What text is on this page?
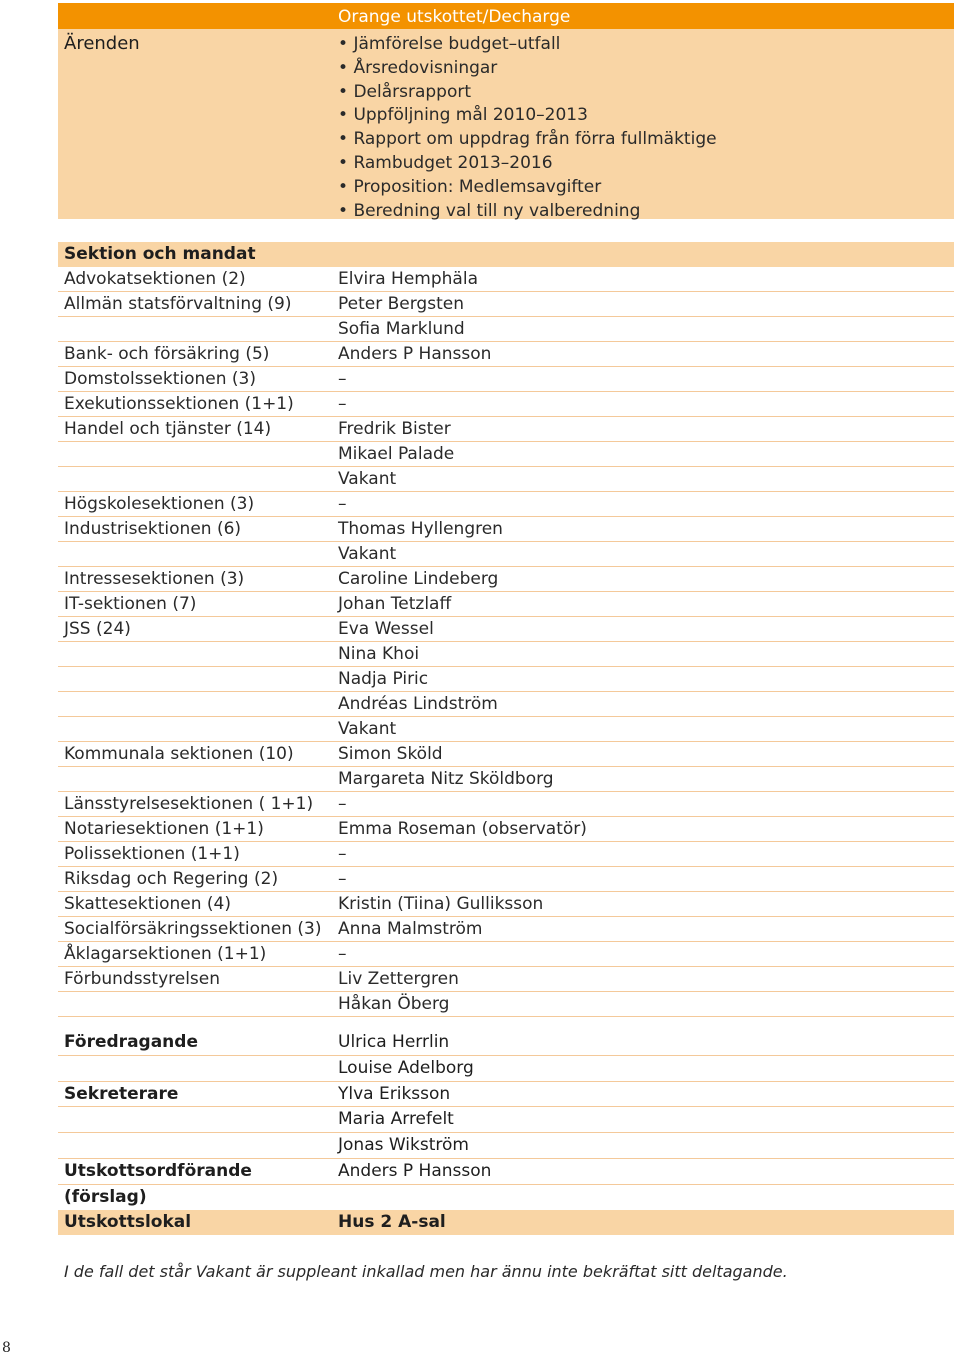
Orange utskottet/Decharge
Ärenden
•	Jämförelse budget–utfall
• Årsredovisningar
• Delårsrapport
• Uppföljning mål 2010–2013
• Rapport om uppdrag från förra fullmäktige
• Rambudget 2013–2016
• Proposition: Medlemsavgifter
• Beredning val till ny valberedning
Sektion och mandat
Advokatsektionen (2)	Elvira Hemphäla
Allmän statsförvaltning (9)	Peter Bergsten
Sofia Marklund
Bank- och försäkring (5)	Anders P Hansson
Domstolssektionen (3)	–
Exekutionssektionen (1+1)	–
Handel och tjänster (14)	Fredrik Bister
Mikael Palade
Vakant
Högskolesektionen (3)	–
Industrisektionen (6)	Thomas Hyllengren
Vakant
Intressesektionen (3)	Caroline Lindeberg
IT-sektionen (7)	Johan Tetzlaff
JSS (24)	Eva Wessel
Nina Khoi
Nadja Piric
Andréas Lindström
Vakant
Kommunala sektionen (10)	Simon Sköld
Margareta Nitz Sköldborg
Länsstyrelsesektionen ( 1+1)	–
Notariesektionen (1+1)	Emma Roseman (observatör)
Polissektionen (1+1)	–
Riksdag och Regering (2)	–
Skattesektionen (4)	Kristin (Tiina) Gulliksson
Socialförsäkringssektionen (3) Anna Malmström
Åklagarsektionen (1+1)	–
Förbundsstyrelsen	Liv Zettergren
Håkan Öberg
Föredragande	Ulrica Herrlin
Louise Adelborg
Sekreterare	Ylva Eriksson
Maria Arrefelt
Jonas Wikström
Utskottsordförande (förslag)
Anders P Hansson
Utskottslokal	Hus 2 A-sal
I de fall det står Vakant är suppleant inkallad men har ännu inte bekräftat sitt deltagande.
8
